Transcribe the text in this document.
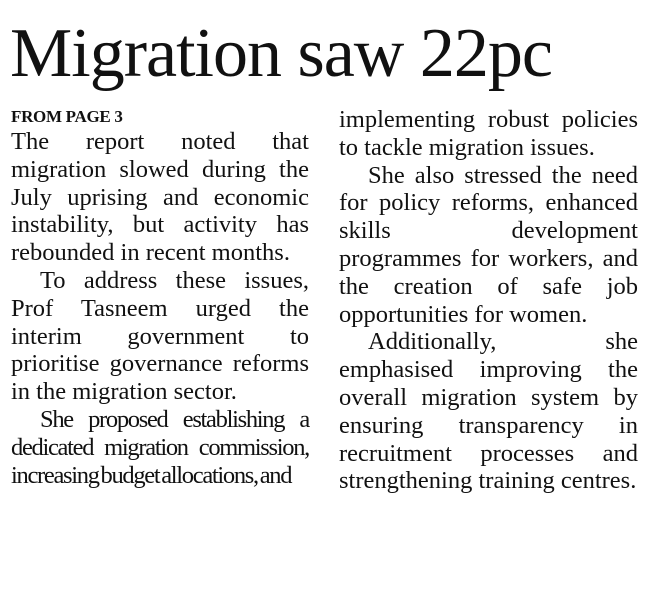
Migration saw 22pc
FROM PAGE 3

The report noted that migration slowed during the July uprising and economic instability, but activity has rebounded in recent months.

To address these issues, Prof Tasneem urged the interim government to prioritise governance reforms in the migration sector.

She proposed establishing a dedicated migration commission, increasing budget allocations, and

implementing robust policies to tackle migration issues.

She also stressed the need for policy reforms, enhanced skills development programmes for workers, and the creation of safe job opportunities for women.

Additionally, she emphasised improving the overall migration system by ensuring transparency in recruitment processes and strengthening training centres.
